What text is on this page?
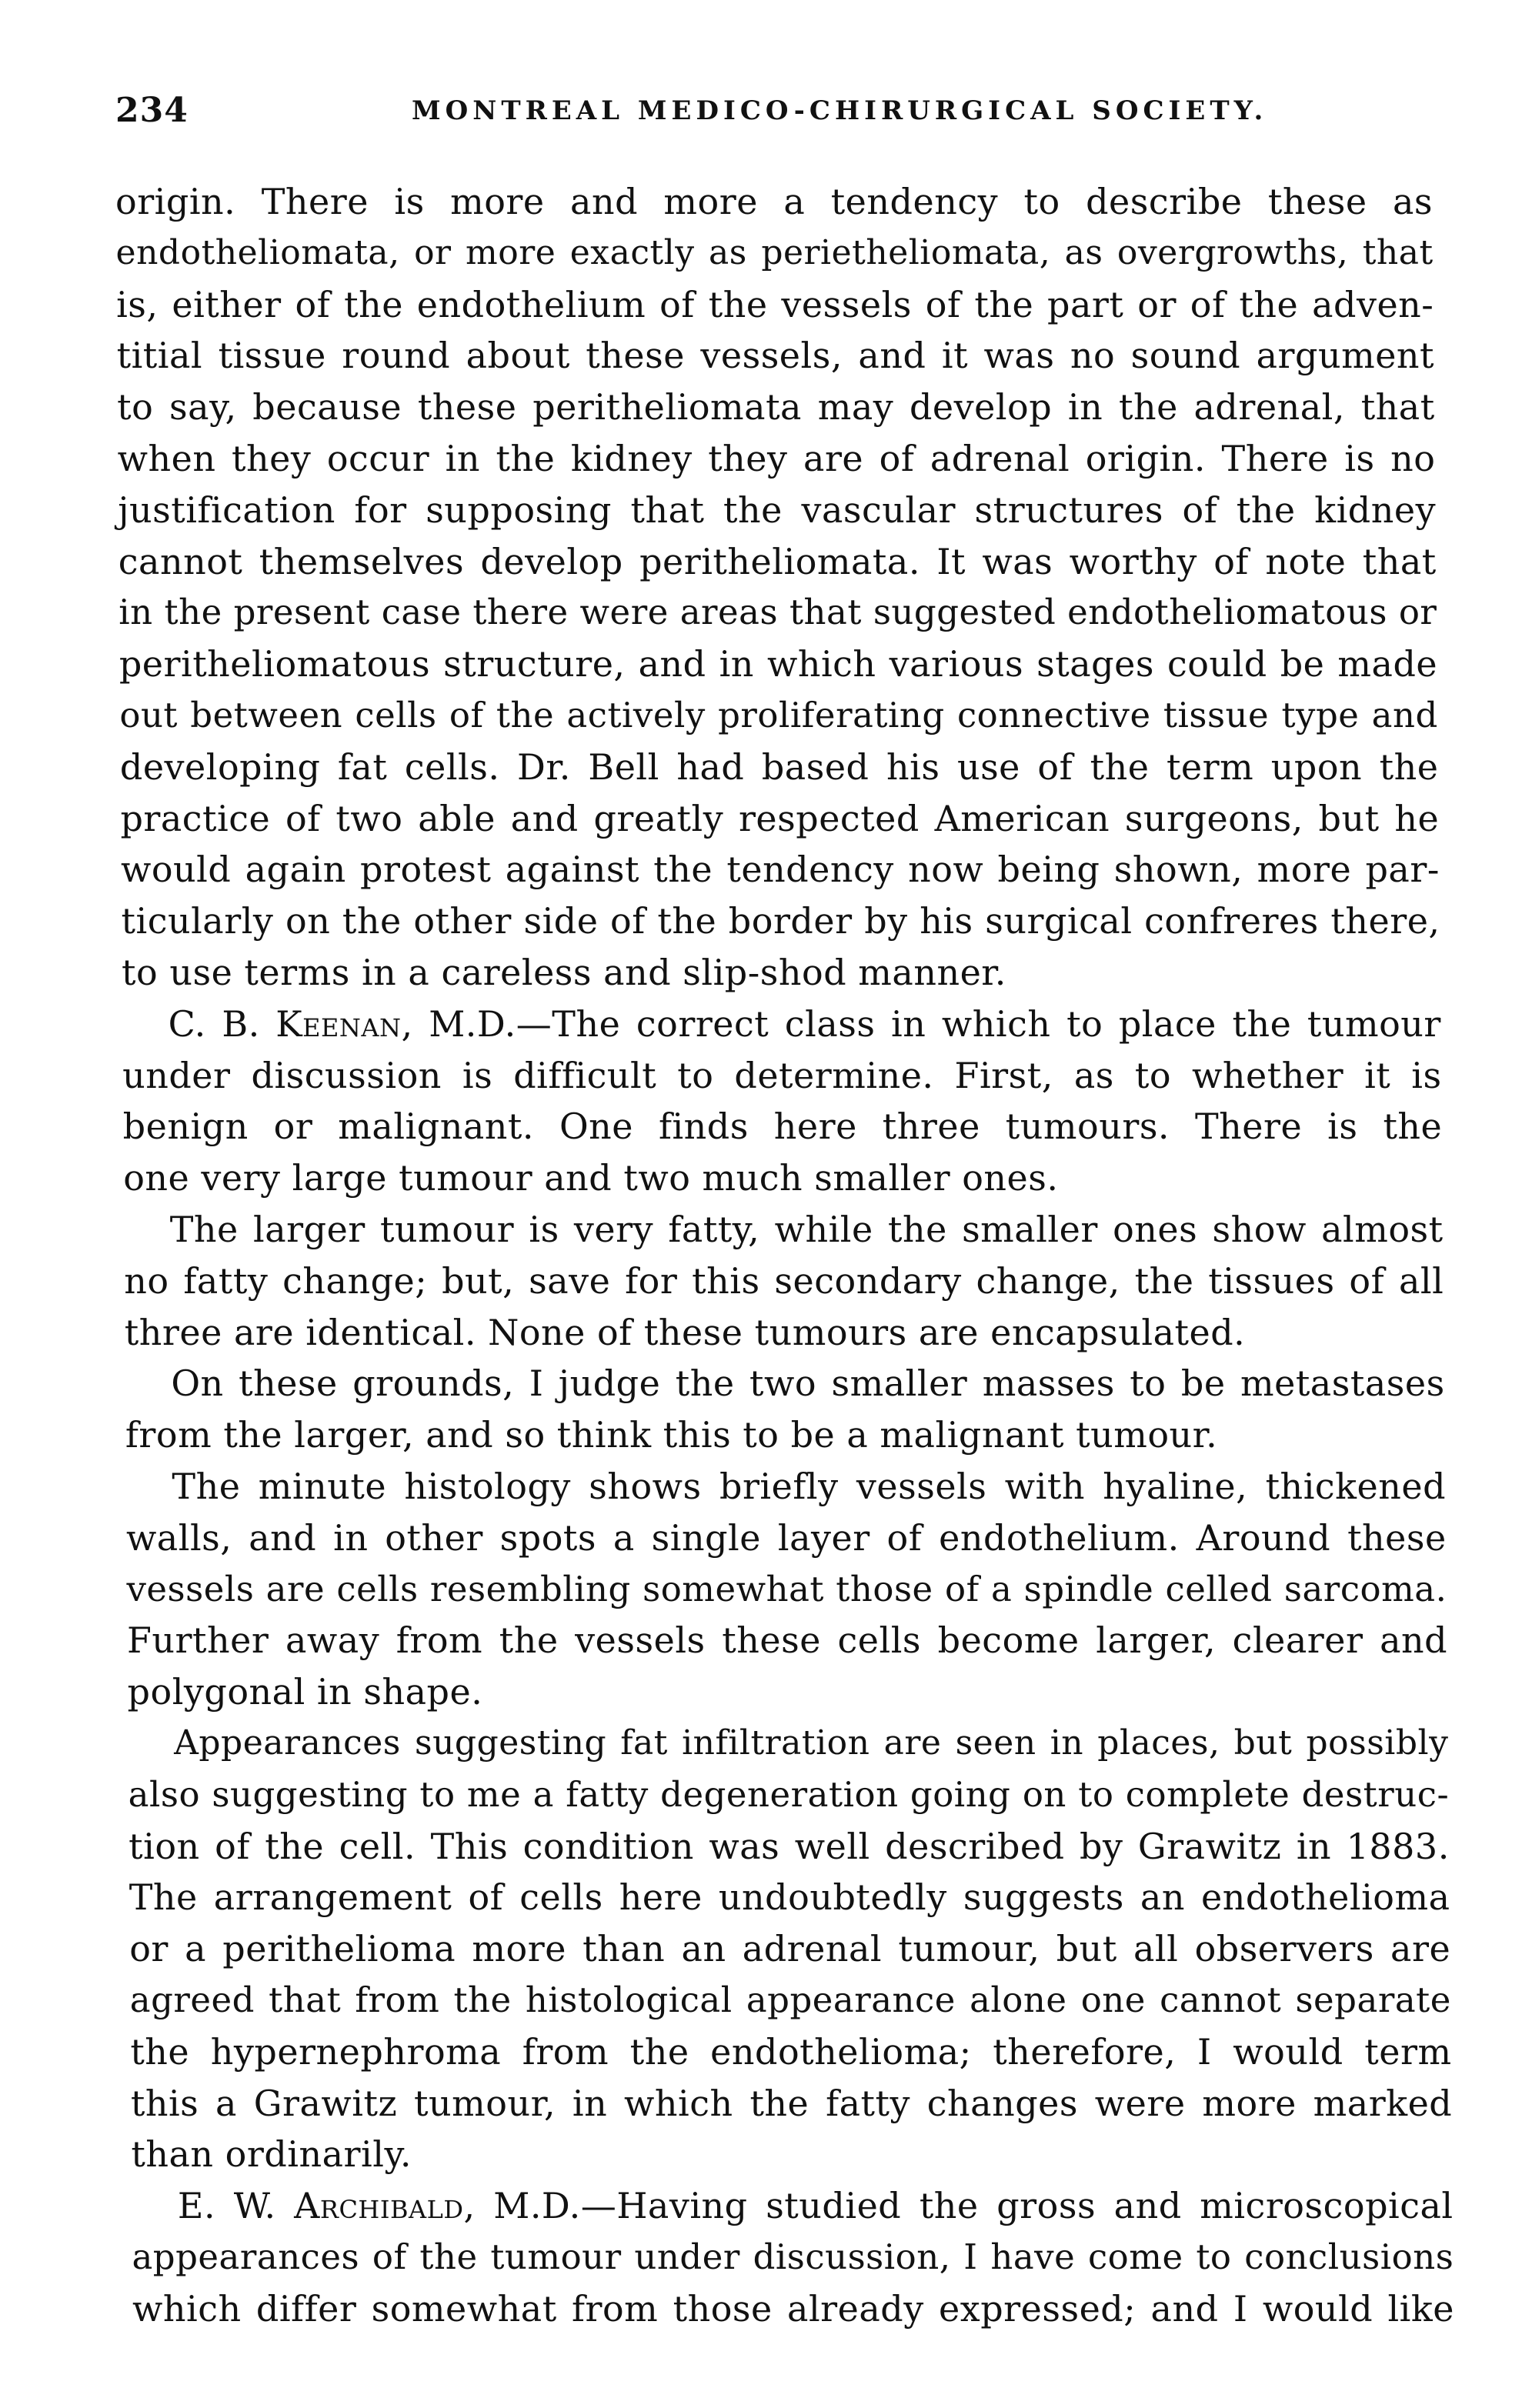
234	MONTREAL MEDICO-CHIRURGICAL SOCIETY.
origin. There is more and more a tendency to describe these as
endotheliomata, or more exactly as perietheliomata, as overgrowths, that
is, either of the endothelium of the vessels of the part or of the adven-
titial tissue round about these vessels, and it was no sound argument
to say, because these peritheliomata may develop in the adrenal, that
when they occur in the kidney they are of adrenal origin. There is no
justification for supposing that the vascular structures of the kidney
cannot themselves develop peritheliomata. It was worthy of note that
in the present case there were areas that suggested endotheliomatous or
peritheliomatous structure, and in which various stages could be made
out between cells of the actively proliferating connective tissue type and
developing fat cells. Dr. Bell had based his use of the term upon the
practice of two able and greatly respected American surgeons, but he
would again protest against the tendency now being shown, more par-
ticularly on the other side of the border by his surgical confreres there,
to use terms in a careless and slip-shod manner.
C. B. Keenan, M.D.—The correct class in which to place the tumour
under discussion is difficult to determine. First, as to whether it is
benign or malignant. One finds here three tumours. There is the
one very large tumour and two much smaller ones.
The larger tumour is very fatty, while the smaller ones show almost
no fatty change; but, save for this secondary change, the tissues of all
three are identical. None of these tumours are encapsulated.
On these grounds, I judge the two smaller masses to be metastases
from the larger, and so think this to be a malignant tumour.
The minute histology shows briefly vessels with hyaline, thickened
walls, and in other spots a single layer of endothelium. Around these
vessels are cells resembling somewhat those of a spindle celled sarcoma.
Further away from the vessels these cells become larger, clearer and
polygonal in shape.
Appearances suggesting fat infiltration are seen in places, but possibly
also suggesting to me a fatty degeneration going on to complete destruc-
tion of the cell. This condition was well described by Grawitz in 1883.
The arrangement of cells here undoubtedly suggests an endothelioma
or a perithelioma more than an adrenal tumour, but all observers are
agreed that from the histological appearance alone one cannot separate
the hypernephroma from the endothelioma; therefore, I would term
this a Grawitz tumour, in which the fatty changes were more marked
than ordinarily.
E. W. Archibald, M.D.—Having studied the gross and microscopical
appearances of the tumour under discussion, I have come to conclusions
which differ somewhat from those already expressed; and I would like
